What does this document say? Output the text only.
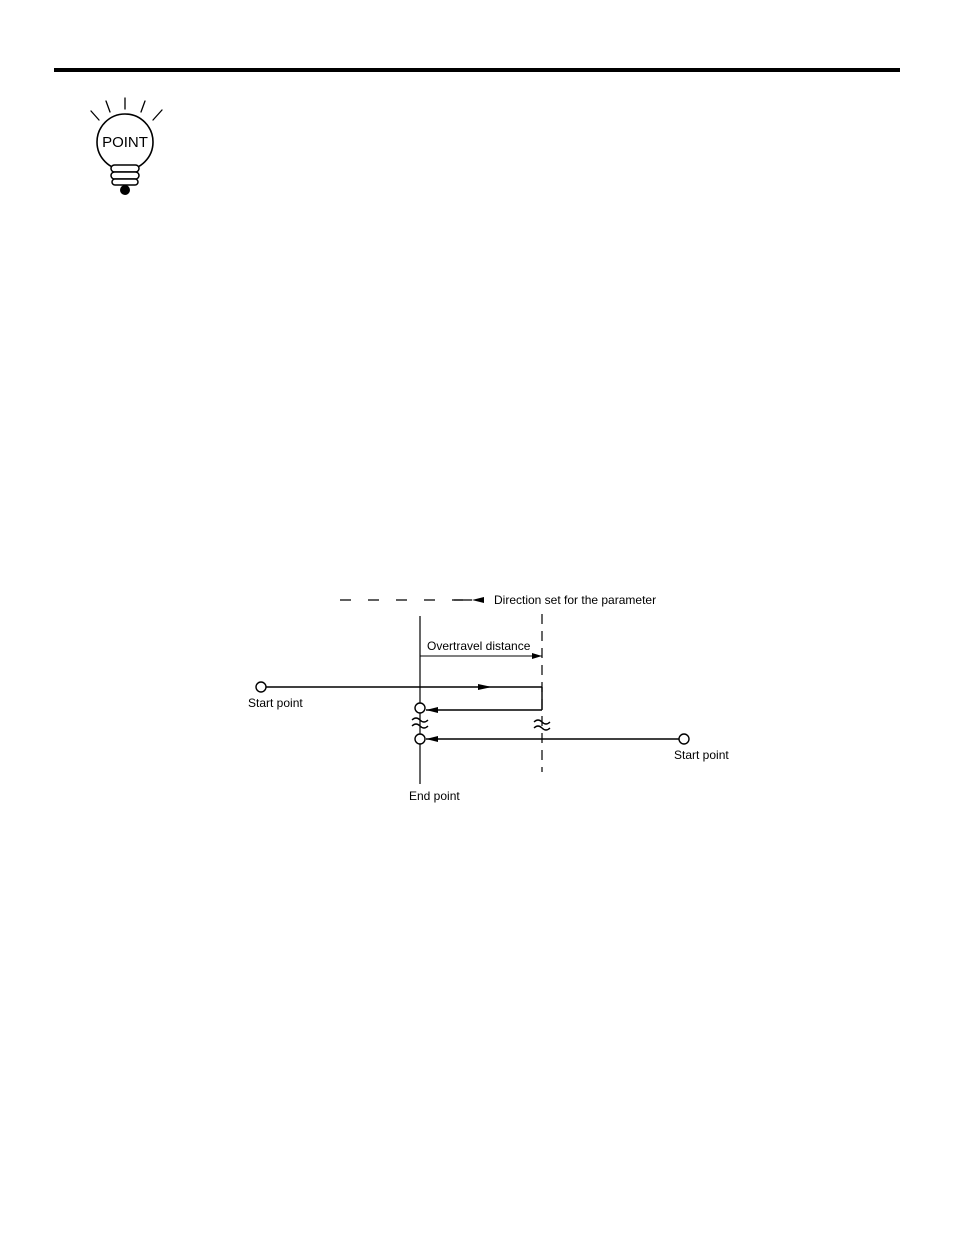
POINT
Direction set for the parameter
Overtravel distance
Start point
Start point
End point
